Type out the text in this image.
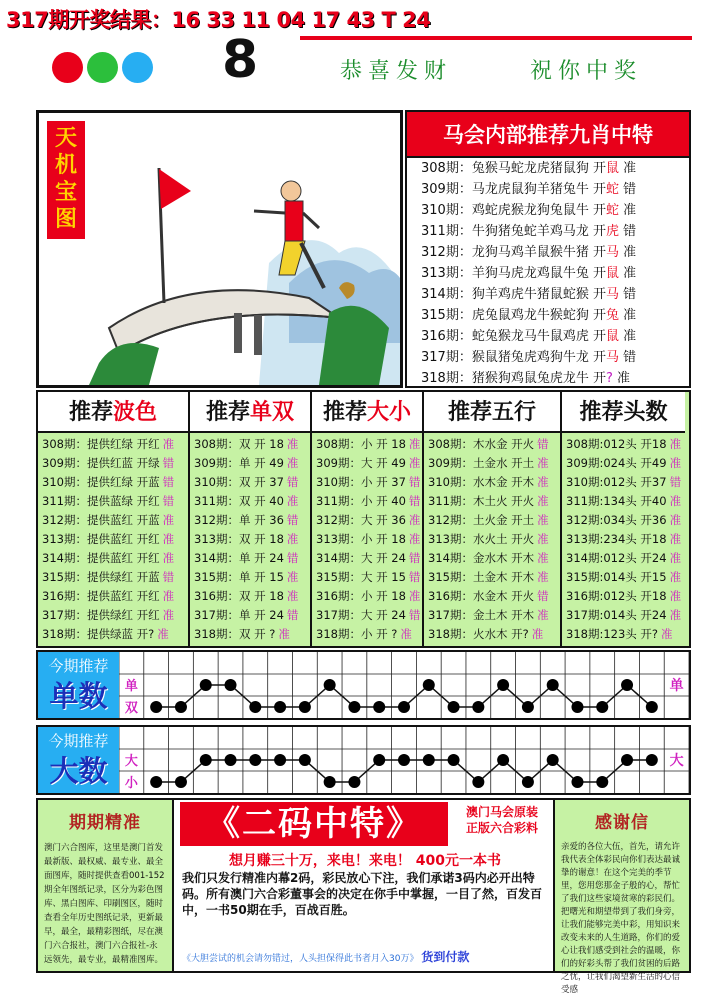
317期开奖结果：16 33 11 04 17 43 T 24
8	恭喜发财	祝你中奖
天机宝图
马会内部推荐九肖中特
308期：兔猴马蛇龙虎猪鼠狗 开鼠 准
309期：马龙虎鼠狗羊猪兔牛 开蛇 错
310期：鸡蛇虎猴龙狗兔鼠牛 开蛇 准
311期：牛狗猪兔蛇羊鸡马龙 开虎 错
312期：龙狗马鸡羊鼠猴牛猪 开马 准
313期：羊狗马虎龙鸡鼠牛兔 开鼠 准
314期：狗羊鸡虎牛猪鼠蛇猴 开马 错
315期：虎兔鼠鸡龙牛猴蛇狗 开兔 准
316期：蛇兔猴龙马牛鼠鸡虎 开鼠 准
317期：猴鼠猪兔虎鸡狗牛龙 开马 错
318期：猪猴狗鸡鼠兔虎龙牛 开? 准
推荐波色
308期：提供红绿 开红 准
309期：提供红蓝 开绿 错
310期：提供红绿 开蓝 错
311期：提供蓝绿 开红 错
312期：提供蓝红 开蓝 准
313期：提供蓝红 开红 准
314期：提供蓝红 开红 准
315期：提供绿红 开蓝 错
316期：提供蓝红 开红 准
317期：提供绿红 开红 准
318期：提供绿蓝 开? 准
推荐单双
308期：双 开 18 准
309期：单 开 49 准
310期：双 开 37 错
311期：双 开 40 准
312期：单 开 36 错
313期：双 开 18 准
314期：单 开 24 错
315期：单 开 15 准
316期：双 开 18 准
317期：单 开 24 错
318期：双 开 ? 准
推荐大小
308期：小 开 18 准
309期：大 开 49 准
310期：小 开 37 错
311期：小 开 40 错
312期：大 开 36 准
313期：小 开 18 准
314期：大 开 24 错
315期：大 开 15 错
316期：小 开 18 准
317期：大 开 24 错
318期：小 开 ? 准
推荐五行
308期：木水金 开火 错
309期：土金水 开土 准
310期：水木金 开木 准
311期：木土火 开火 准
312期：土火金 开土 准
313期：水火土 开火 准
314期：金水木 开木 准
315期：土金木 开木 准
316期：水金木 开火 错
317期：金土木 开木 准
318期：火水木 开? 准
推荐头数
308期:012头 开18 准
309期:024头 开49 准
310期:012头 开37 错
311期:134头 开40 准
312期:034头 开36 准
313期:234头 开18 准
314期:012头 开24 准
315期:014头 开15 准
316期:012头 开18 准
317期:014头 开24 准
318期:123头 开? 准
今期推荐
单数	单
双
单
今期推荐
大数	大
小
大
期期精准
澳门六合图库，这里是澳门首发最新版、最权威、最专业、最全面图库，随时提供查看001-152期全年图纸记录，区分为彩色图库、黑白图库、印刷图区，随时查看全年历史图纸记录，更新最早，最全，最精彩图纸，尽在澳门六合报社，澳门六合报社-永远领先，最专业，最精准图库。
《二码中特》	澳门马会原装
正版六合彩料
想月赚三十万，来电！来电！ 400元一本书
我们只发行精准内幕2码，彩民放心下注，我们承诺3码内必开出特码。所有澳门六合彩董事会的决定在你手中掌握，一目了然，百发百中，一书50期在手，百战百胜。
《大胆尝试的机会请勿错过，人头担保得此书者月入30万》 货到付款
感谢信
亲爱的各位大伍，首先，请允许我代表全体彩民向你们表达最诚挚的谢意！在这个完美的季节里，您用您那金子般的心，帮忙了我们这些家境贫寒的彩民们。把曙光和期望带到了我们身旁，让我们能够完美中彩，用知识来改变未来的人生道路，你们的爱心让我们感受到社会的温暖，你们的好彩头帮了我们贫困的后路之忧，让我们渴望新生活的心信受感
